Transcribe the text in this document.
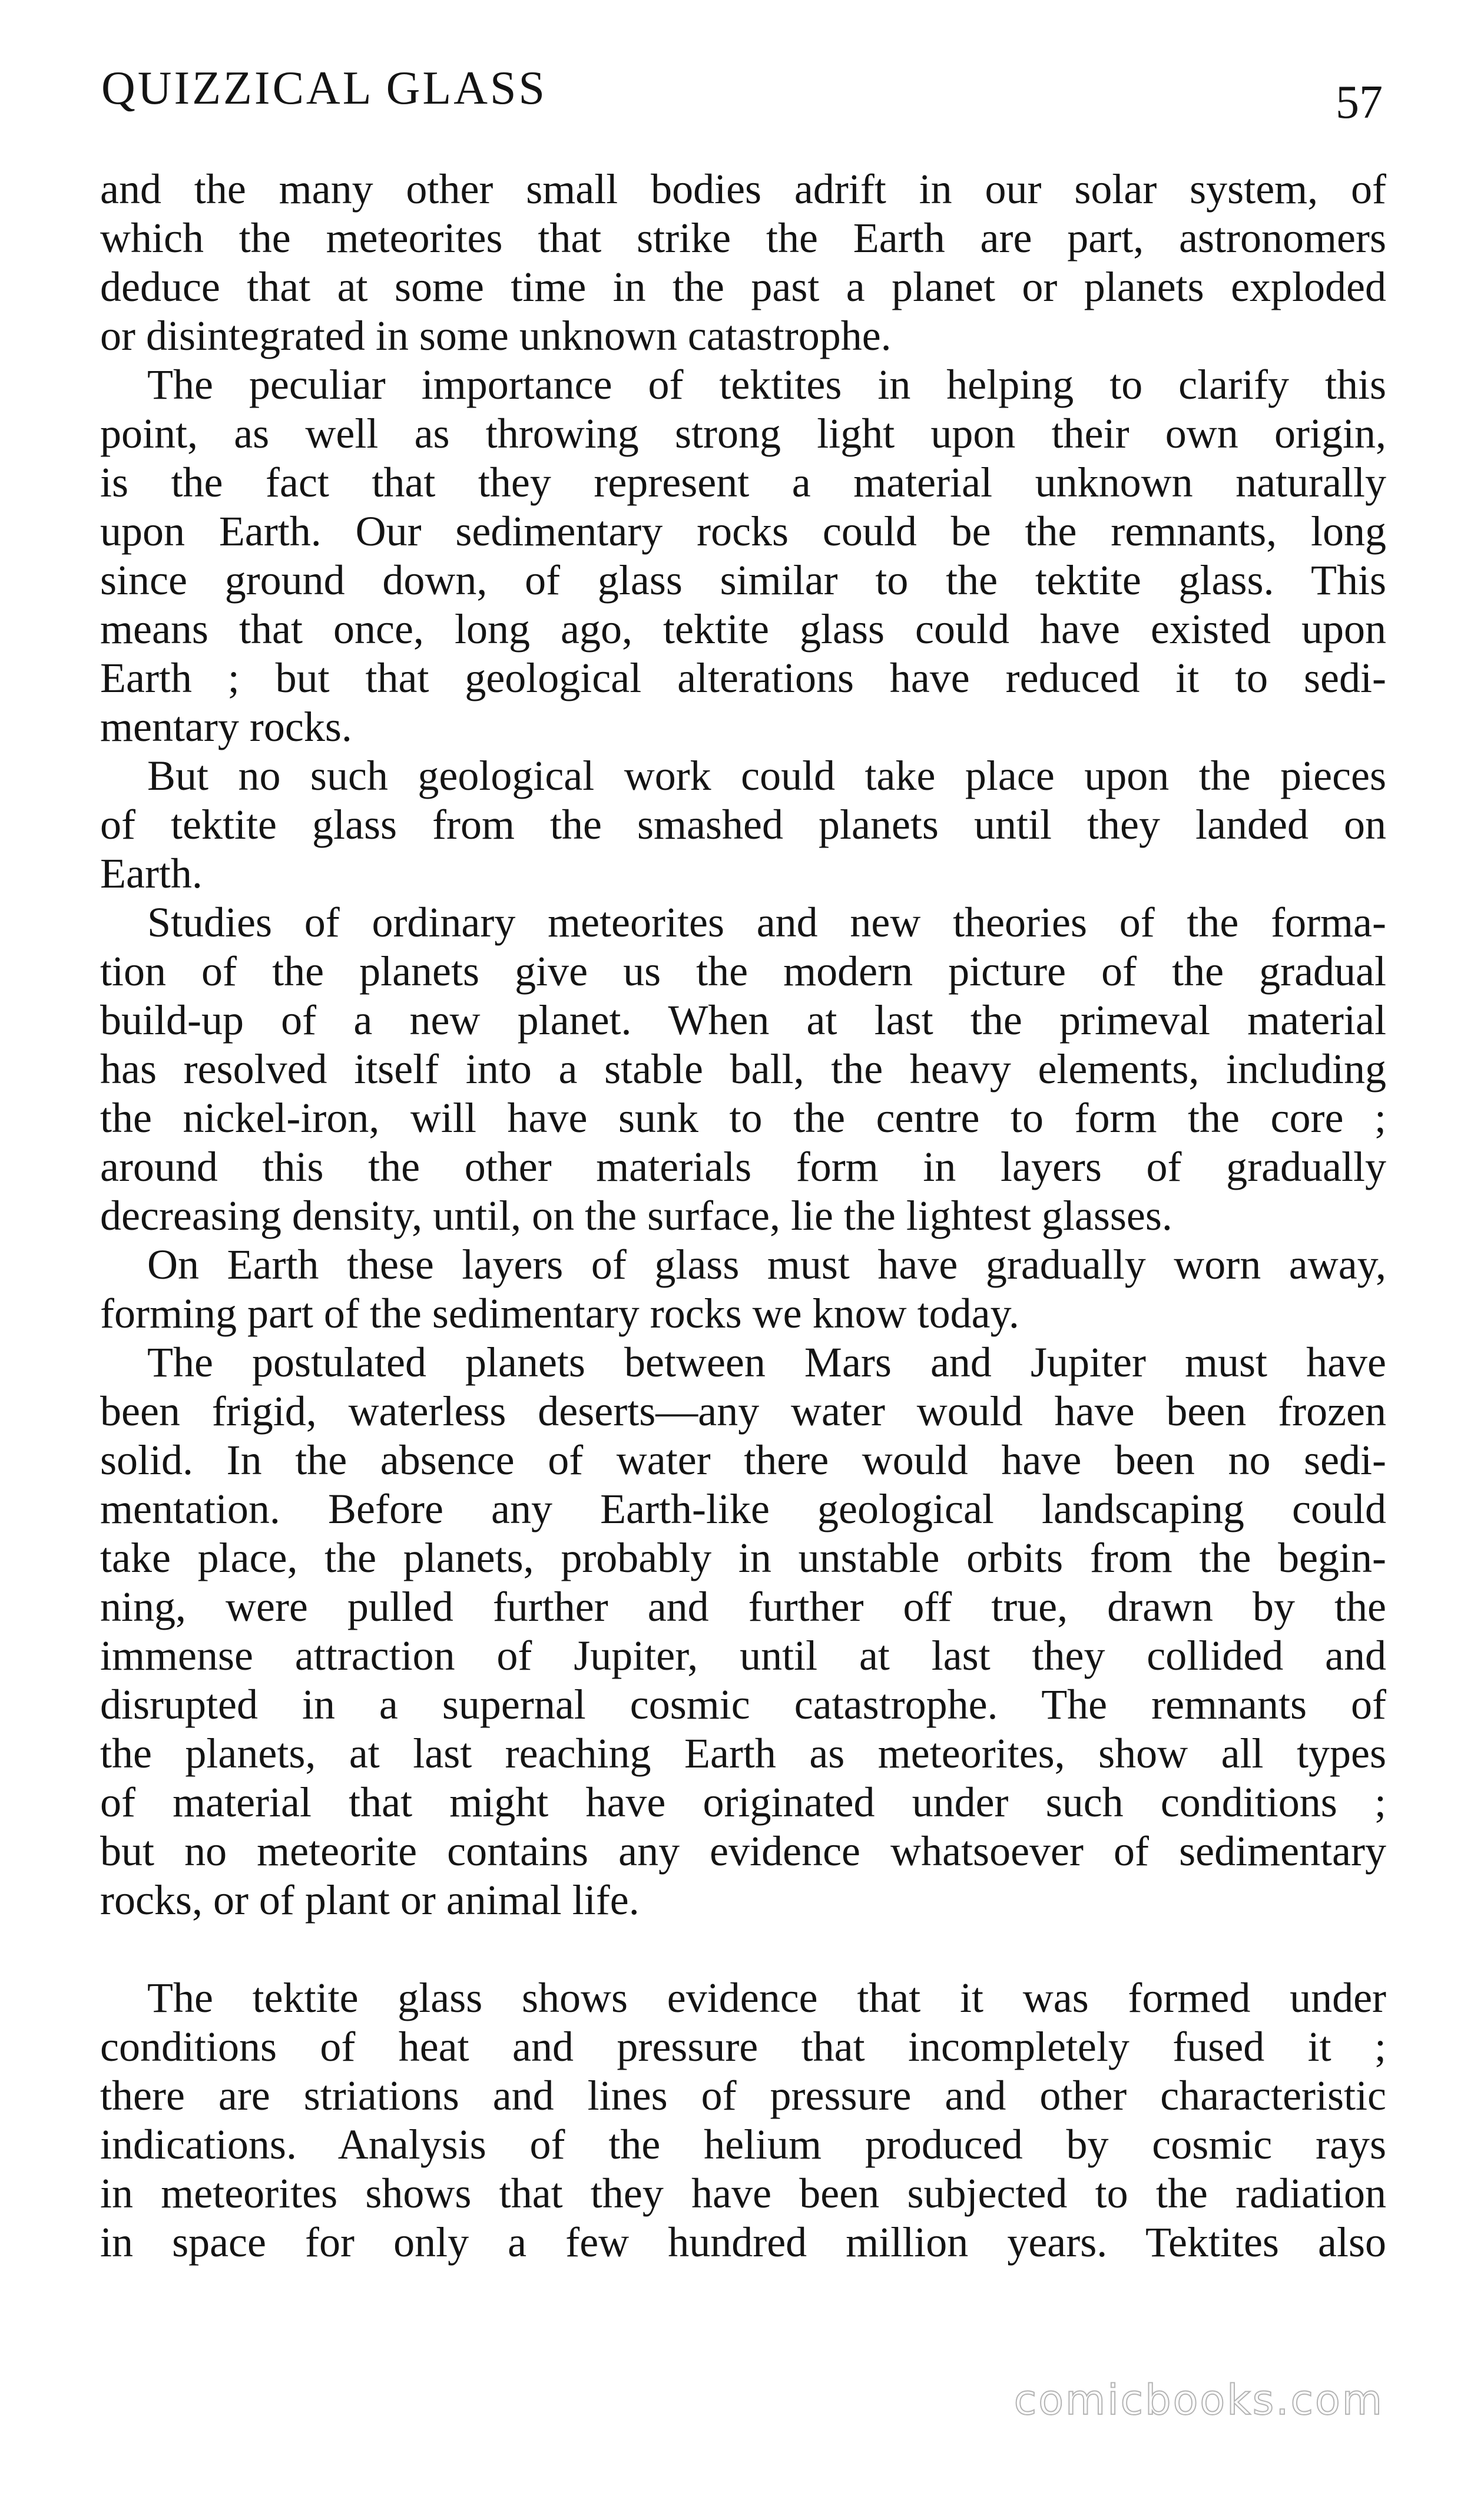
QUIZZICAL GLASS	57
and the many other small bodies adrift in our solar system, of
which the meteorites that strike the Earth are part, astronomers
deduce that at some time in the past a planet or planets exploded
or disintegrated in some unknown catastrophe.
The peculiar importance of tektites in helping to clarify this
point, as well as throwing strong light upon their own origin,
is the fact that they represent a material unknown naturally
upon Earth. Our sedimentary rocks could be the remnants, long
since ground down, of glass similar to the tektite glass. This
means that once, long ago, tektite glass could have existed upon
Earth ; but that geological alterations have reduced it to sedi-
mentary rocks.
But no such geological work could take place upon the pieces
of tektite glass from the smashed planets until they landed on
Earth.
Studies of ordinary meteorites and new theories of the forma-
tion of the planets give us the modern picture of the gradual
build-up of a new planet. When at last the primeval material
has resolved itself into a stable ball, the heavy elements, including
the nickel-iron, will have sunk to the centre to form the core ;
around this the other materials form in layers of gradually
decreasing density, until, on the surface, lie the lightest glasses.
On Earth these layers of glass must have gradually worn away,
forming part of the sedimentary rocks we know today.
The postulated planets between Mars and Jupiter must have
been frigid, waterless deserts—any water would have been frozen
solid. In the absence of water there would have been no sedi-
mentation. Before any Earth-like geological landscaping could
take place, the planets, probably in unstable orbits from the begin-
ning, were pulled further and further off true, drawn by the
immense attraction of Jupiter, until at last they collided and
disrupted in a supernal cosmic catastrophe. The remnants of
the planets, at last reaching Earth as meteorites, show all types
of material that might have originated under such conditions ;
but no meteorite contains any evidence whatsoever of sedimentary
rocks, or of plant or animal life.
The tektite glass shows evidence that it was formed under
conditions of heat and pressure that incompletely fused it ;
there are striations and lines of pressure and other characteristic
indications. Analysis of the helium produced by cosmic rays
in meteorites shows that they have been subjected to the radiation
in space for only a few hundred million years. Tektites also
comicbooks.com
